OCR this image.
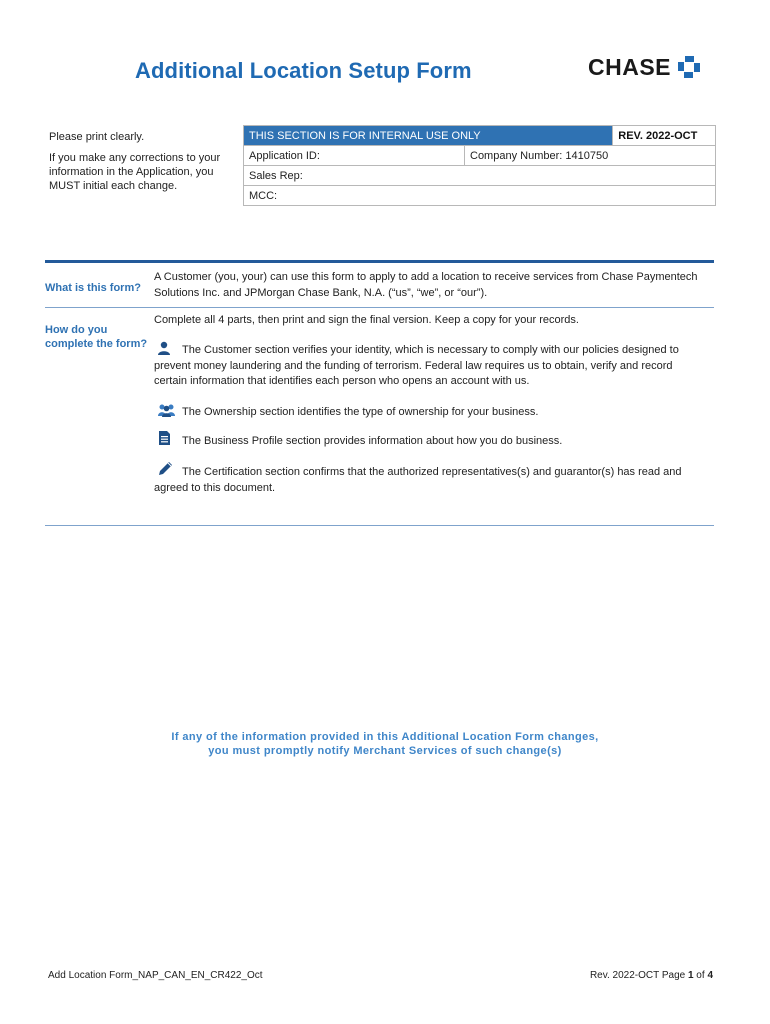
Additional Location Setup Form	CHASE
Please print clearly.
If you make any corrections to your information in the Application, you MUST initial each change.
THIS SECTION IS FOR INTERNAL USE ONLY		REV. 2022-OCT
Application ID:	Company Number: 1410750	
Sales Rep:		
MCC:		
What is this form?
A Customer (you, your) can use this form to apply to add a location to receive services from Chase Paymentech Solutions Inc. and JPMorgan Chase Bank, N.A. (“us”, “we”, or “our”).
How do you complete the form?
Complete all 4 parts, then print and sign the final version. Keep a copy for your records.
The Customer section verifies your identity, which is necessary to comply with our policies designed to prevent money laundering and the funding of terrorism. Federal law requires us to obtain, verify and record certain information that identifies each person who opens an account with us.
The Ownership section identifies the type of ownership for your business.
The Business Profile section provides information about how you do business.
The Certification section confirms that the authorized representatives(s) and guarantor(s) has read and agreed to this document.
If any of the information provided in this Additional Location Form changes,
you must promptly notify Merchant Services of such change(s)
Add Location Form_NAP_CAN_EN_CR422_Oct	Rev. 2022-OCT Page 1 of 4
